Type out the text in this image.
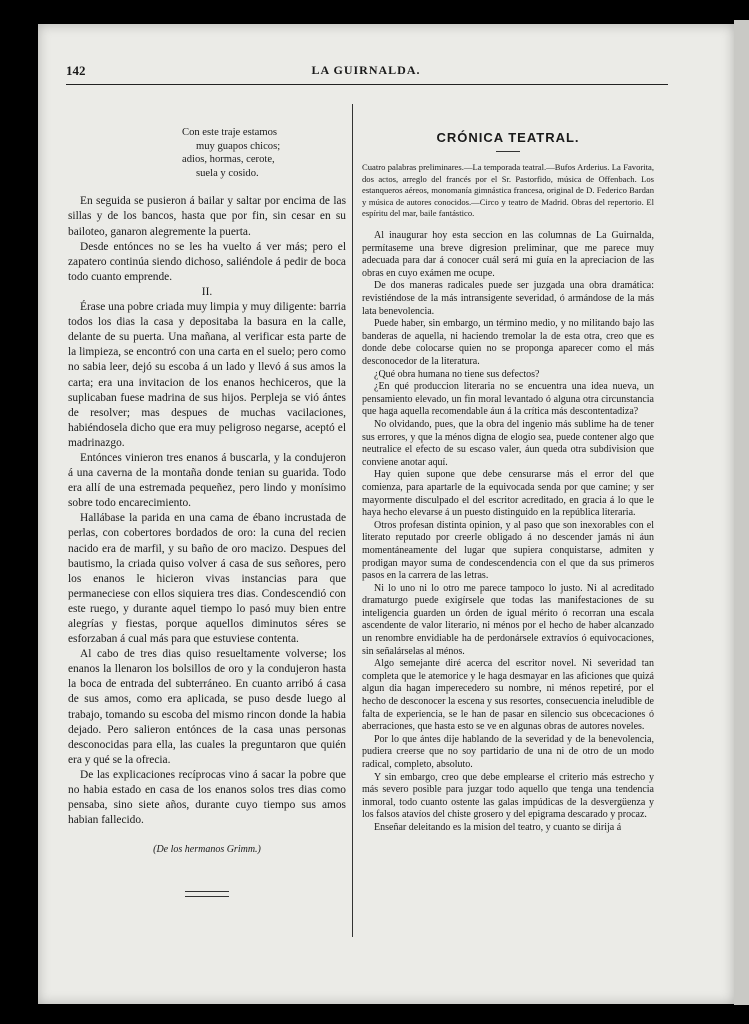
142	LA GUIRNALDA.
Con este traje estamos
muy guapos chicos;
adios, hormas, cerote,
suela y cosido.

En seguida se pusieron á bailar y saltar por encima de las sillas y de los bancos, hasta que por fin, sin cesar en su bailoteo, ganaron alegremente la puerta.

Desde entónces no se les ha vuelto á ver más; pero el zapatero continúa siendo dichoso, saliéndole á pedir de boca todo cuanto emprende.

II.

Érase una pobre criada muy limpia y muy diligente: barria todos los dias la casa y depositaba la basura en la calle, delante de su puerta. Una mañana, al verificar esta parte de la limpieza, se encontró con una carta en el suelo; pero como no sabia leer, dejó su escoba á un lado y llevó á sus amos la carta; era una invitacion de los enanos hechiceros, que la suplicaban fuese madrina de sus hijos. Perpleja se vió ántes de resolver; mas despues de muchas vacilaciones, habiéndosela dicho que era muy peligroso negarse, aceptó el madrinazgo.

Entónces vinieron tres enanos á buscarla, y la condujeron á una caverna de la montaña donde tenian su guarida. Todo era allí de una estremada pequeñez, pero lindo y monísimo sobre todo encarecimiento.

Hallábase la parida en una cama de ébano incrustada de perlas, con cobertores bordados de oro: la cuna del recien nacido era de marfil, y su baño de oro macizo. Despues del bautismo, la criada quiso volver á casa de sus señores, pero los enanos le hicieron vivas instancias para que permaneciese con ellos siquiera tres dias. Condescendió con este ruego, y durante aquel tiempo lo pasó muy bien entre alegrías y fiestas, porque aquellos diminutos séres se esforzaban á cual más para que estuviese contenta.

Al cabo de tres dias quiso resueltamente volverse; los enanos la llenaron los bolsillos de oro y la condujeron hasta la boca de entrada del subterráneo. En cuanto arribó á casa de sus amos, como era aplicada, se puso desde luego al trabajo, tomando su escoba del mismo rincon donde la habia dejado. Pero salieron entónces de la casa unas personas desconocidas para ella, las cuales la preguntaron que quién era y qué se la ofrecia.

De las explicaciones recíprocas vino á sacar la pobre que no habia estado en casa de los enanos solos tres dias como pensaba, sino siete años, durante cuyo tiempo sus amos habian fallecido.

(De los hermanos Grimm.)

CRÓNICA TEATRAL.

Cuatro palabras preliminares.—La temporada teatral.—Bufos Arderius. La Favorita, dos actos, arreglo del francés por el Sr. Pastorfido, música de Offenbach. Los estanqueros aéreos, monomanía gimnástica francesa, original de D. Federico Bardan y música de autores conocidos.—Circo y teatro de Madrid. Obras del repertorio. El espíritu del mar, baile fantástico.

Al inaugurar hoy esta seccion en las columnas de La Guirnalda, permítaseme una breve digresion preliminar, que me parece muy adecuada para dar á conocer cuál será mi guía en la apreciacion de las obras en cuyo exámen me ocupe.

De dos maneras radicales puede ser juzgada una obra dramática: revistiéndose de la más intransigente severidad, ó armándose de la más lata benevolencia.

Puede haber, sin embargo, un término medio, y no militando bajo las banderas de aquella, ni haciendo tremolar la de esta otra, creo que es donde debe colocarse quien no se proponga aparecer como el más desconocedor de la literatura.

¿Qué obra humana no tiene sus defectos?

¿En qué produccion literaria no se encuentra una idea nueva, un pensamiento elevado, un fin moral levantado ó alguna otra circunstancia que haga aquella recomendable áun á la crítica más descontentadiza?

No olvidando, pues, que la obra del ingenio más sublime ha de tener sus errores, y que la ménos digna de elogio sea, puede contener algo que neutralice el efecto de su escaso valer, áun queda otra subdivision que conviene anotar aquí.

Hay quien supone que debe censurarse más el error del que comienza, para apartarle de la equivocada senda por que camine; y ser mayormente disculpado el del escritor acreditado, en gracia á lo que le haya hecho elevarse á un puesto distinguido en la república literaria.

Otros profesan distinta opinion, y al paso que son inexorables con el literato reputado por creerle obligado á no descender jamás ni áun momentáneamente del lugar que supiera conquistarse, admiten y prodigan mayor suma de condescendencia con el que da sus primeros pasos en la carrera de las letras.

Ni lo uno ni lo otro me parece tampoco lo justo. Ni al acreditado dramaturgo puede exigírsele que todas las manifestaciones de su inteligencia guarden un órden de igual mérito ó recorran una escala ascendente de valor literario, ni ménos por el hecho de haber alcanzado un renombre envidiable ha de perdonársele extravíos ó equivocaciones, sin señalárselas al ménos.

Algo semejante diré acerca del escritor novel. Ni severidad tan completa que le atemorice y le haga desmayar en las aficiones que quizá algun dia hagan imperecedero su nombre, ni ménos repetiré, por el hecho de desconocer la escena y sus resortes, consecuencia ineludible de falta de experiencia, se le han de pasar en silencio sus obcecaciones ó aberraciones, que hasta esto se ve en algunas obras de autores noveles.

Por lo que ántes dije hablando de la severidad y de la benevolencia, pudiera creerse que no soy partidario de una ni de otro de un modo radical, completo, absoluto.

Y sin embargo, creo que debe emplearse el criterio más estrecho y más severo posible para juzgar todo aquello que tenga una tendencia inmoral, todo cuanto ostente las galas impúdicas de la desvergüenza y los falsos atavíos del chiste grosero y del epigrama descarado y procaz.

Enseñar deleitando es la mision del teatro, y cuanto se dirija á
